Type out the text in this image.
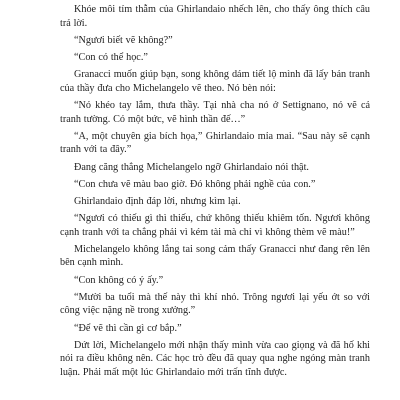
Khóe môi tím thẫm của Ghirlandaio nhếch lên, cho thấy ông thích câu trả lời.

“Ngươi biết vẽ không?”

“Con có thể học.”

Granacci muốn giúp bạn, song không dám tiết lộ mình đã lấy bản tranh của thầy đưa cho Michelangelo vẽ theo. Nó bèn nói:

“Nó khéo tay lắm, thưa thầy. Tại nhà cha nó ở Settignano, nó vẽ cả tranh tường. Có một bức, vẽ hình thần đế…”

“A, một chuyên gia bích họa,” Ghirlandaio mỉa mai. “Sau này sẽ cạnh tranh với ta đây.”

Đang căng thẳng Michelangelo ngỡ Ghirlandaio nói thật.

“Con chưa vẽ màu bao giờ. Đó không phải nghề của con.”

Ghirlandaio định đáp lời, nhưng kìm lại.

“Ngươi có thiếu gì thì thiếu, chứ không thiếu khiêm tốn. Ngươi không cạnh tranh với ta chẳng phải vì kém tài mà chỉ vì không thèm vẽ màu!”

Michelangelo không lắng tai song cảm thấy Granacci như đang rên lên bên cạnh mình.

“Con không có ý ấy.”

“Mười ba tuổi mà thế này thì khí nhỏ. Trông ngươi lại yếu ớt so với công việc nặng nề trong xưởng.”

“Để vẽ thì cần gì cơ bắp.”

Dứt lời, Michelangelo mới nhận thấy mình vừa cao giọng và đã hố khi nói ra điều không nên. Các học trò đều đã quay qua nghe ngóng màn tranh luận. Phải mất một lúc Ghirlandaio mới trấn tĩnh được.
